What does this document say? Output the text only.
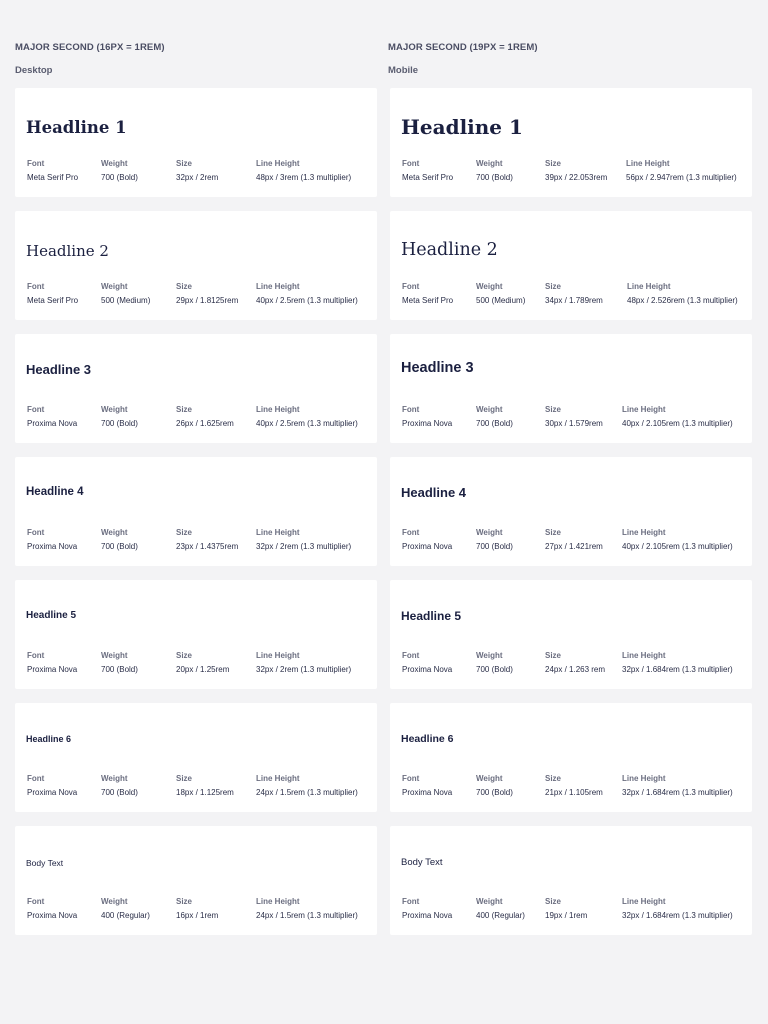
MAJOR SECOND (16PX = 1REM)
Desktop
Headline 1
Font
Meta Serif Pro
Weight
700 (Bold)
Size
32px / 2rem
Line Height
48px / 3rem (1.3 multiplier)
Headline 2
Font
Meta Serif Pro
Weight
500 (Medium)
Size
29px / 1.8125rem
Line Height
40px / 2.5rem (1.3 multiplier)
Headline 3
Font
Proxima Nova
Weight
700 (Bold)
Size
26px / 1.625rem
Line Height
40px / 2.5rem (1.3 multiplier)
Headline 4
Font
Proxima Nova
Weight
700 (Bold)
Size
23px / 1.4375rem
Line Height
32px / 2rem (1.3 multiplier)
Headline 5
Font
Proxima Nova
Weight
700 (Bold)
Size
20px / 1.25rem
Line Height
32px / 2rem (1.3 multiplier)
Headline 6
Font
Proxima Nova
Weight
700 (Bold)
Size
18px / 1.125rem
Line Height
24px / 1.5rem (1.3 multiplier)
Body Text
Font
Proxima Nova
Weight
400 (Regular)
Size
16px / 1rem
Line Height
24px / 1.5rem (1.3 multiplier)
MAJOR SECOND (19PX = 1REM)
Mobile
Headline 1
Font
Meta Serif Pro
Weight
700 (Bold)
Size
39px / 22.053rem
Line Height
56px / 2.947rem (1.3 multiplier)
Headline 2
Font
Meta Serif Pro
Weight
500 (Medium)
Size
34px / 1.789rem
Line Height
48px / 2.526rem (1.3 multiplier)
Headline 3
Font
Proxima Nova
Weight
700 (Bold)
Size
30px / 1.579rem
Line Height
40px / 2.105rem (1.3 multiplier)
Headline 4
Font
Proxima Nova
Weight
700 (Bold)
Size
27px / 1.421rem
Line Height
40px / 2.105rem (1.3 multiplier)
Headline 5
Font
Proxima Nova
Weight
700 (Bold)
Size
24px / 1.263 rem
Line Height
32px / 1.684rem (1.3 multiplier)
Headline 6
Font
Proxima Nova
Weight
700 (Bold)
Size
21px / 1.105rem
Line Height
32px / 1.684rem (1.3 multiplier)
Body Text
Font
Proxima Nova
Weight
400 (Regular)
Size
19px / 1rem
Line Height
32px / 1.684rem (1.3 multiplier)
